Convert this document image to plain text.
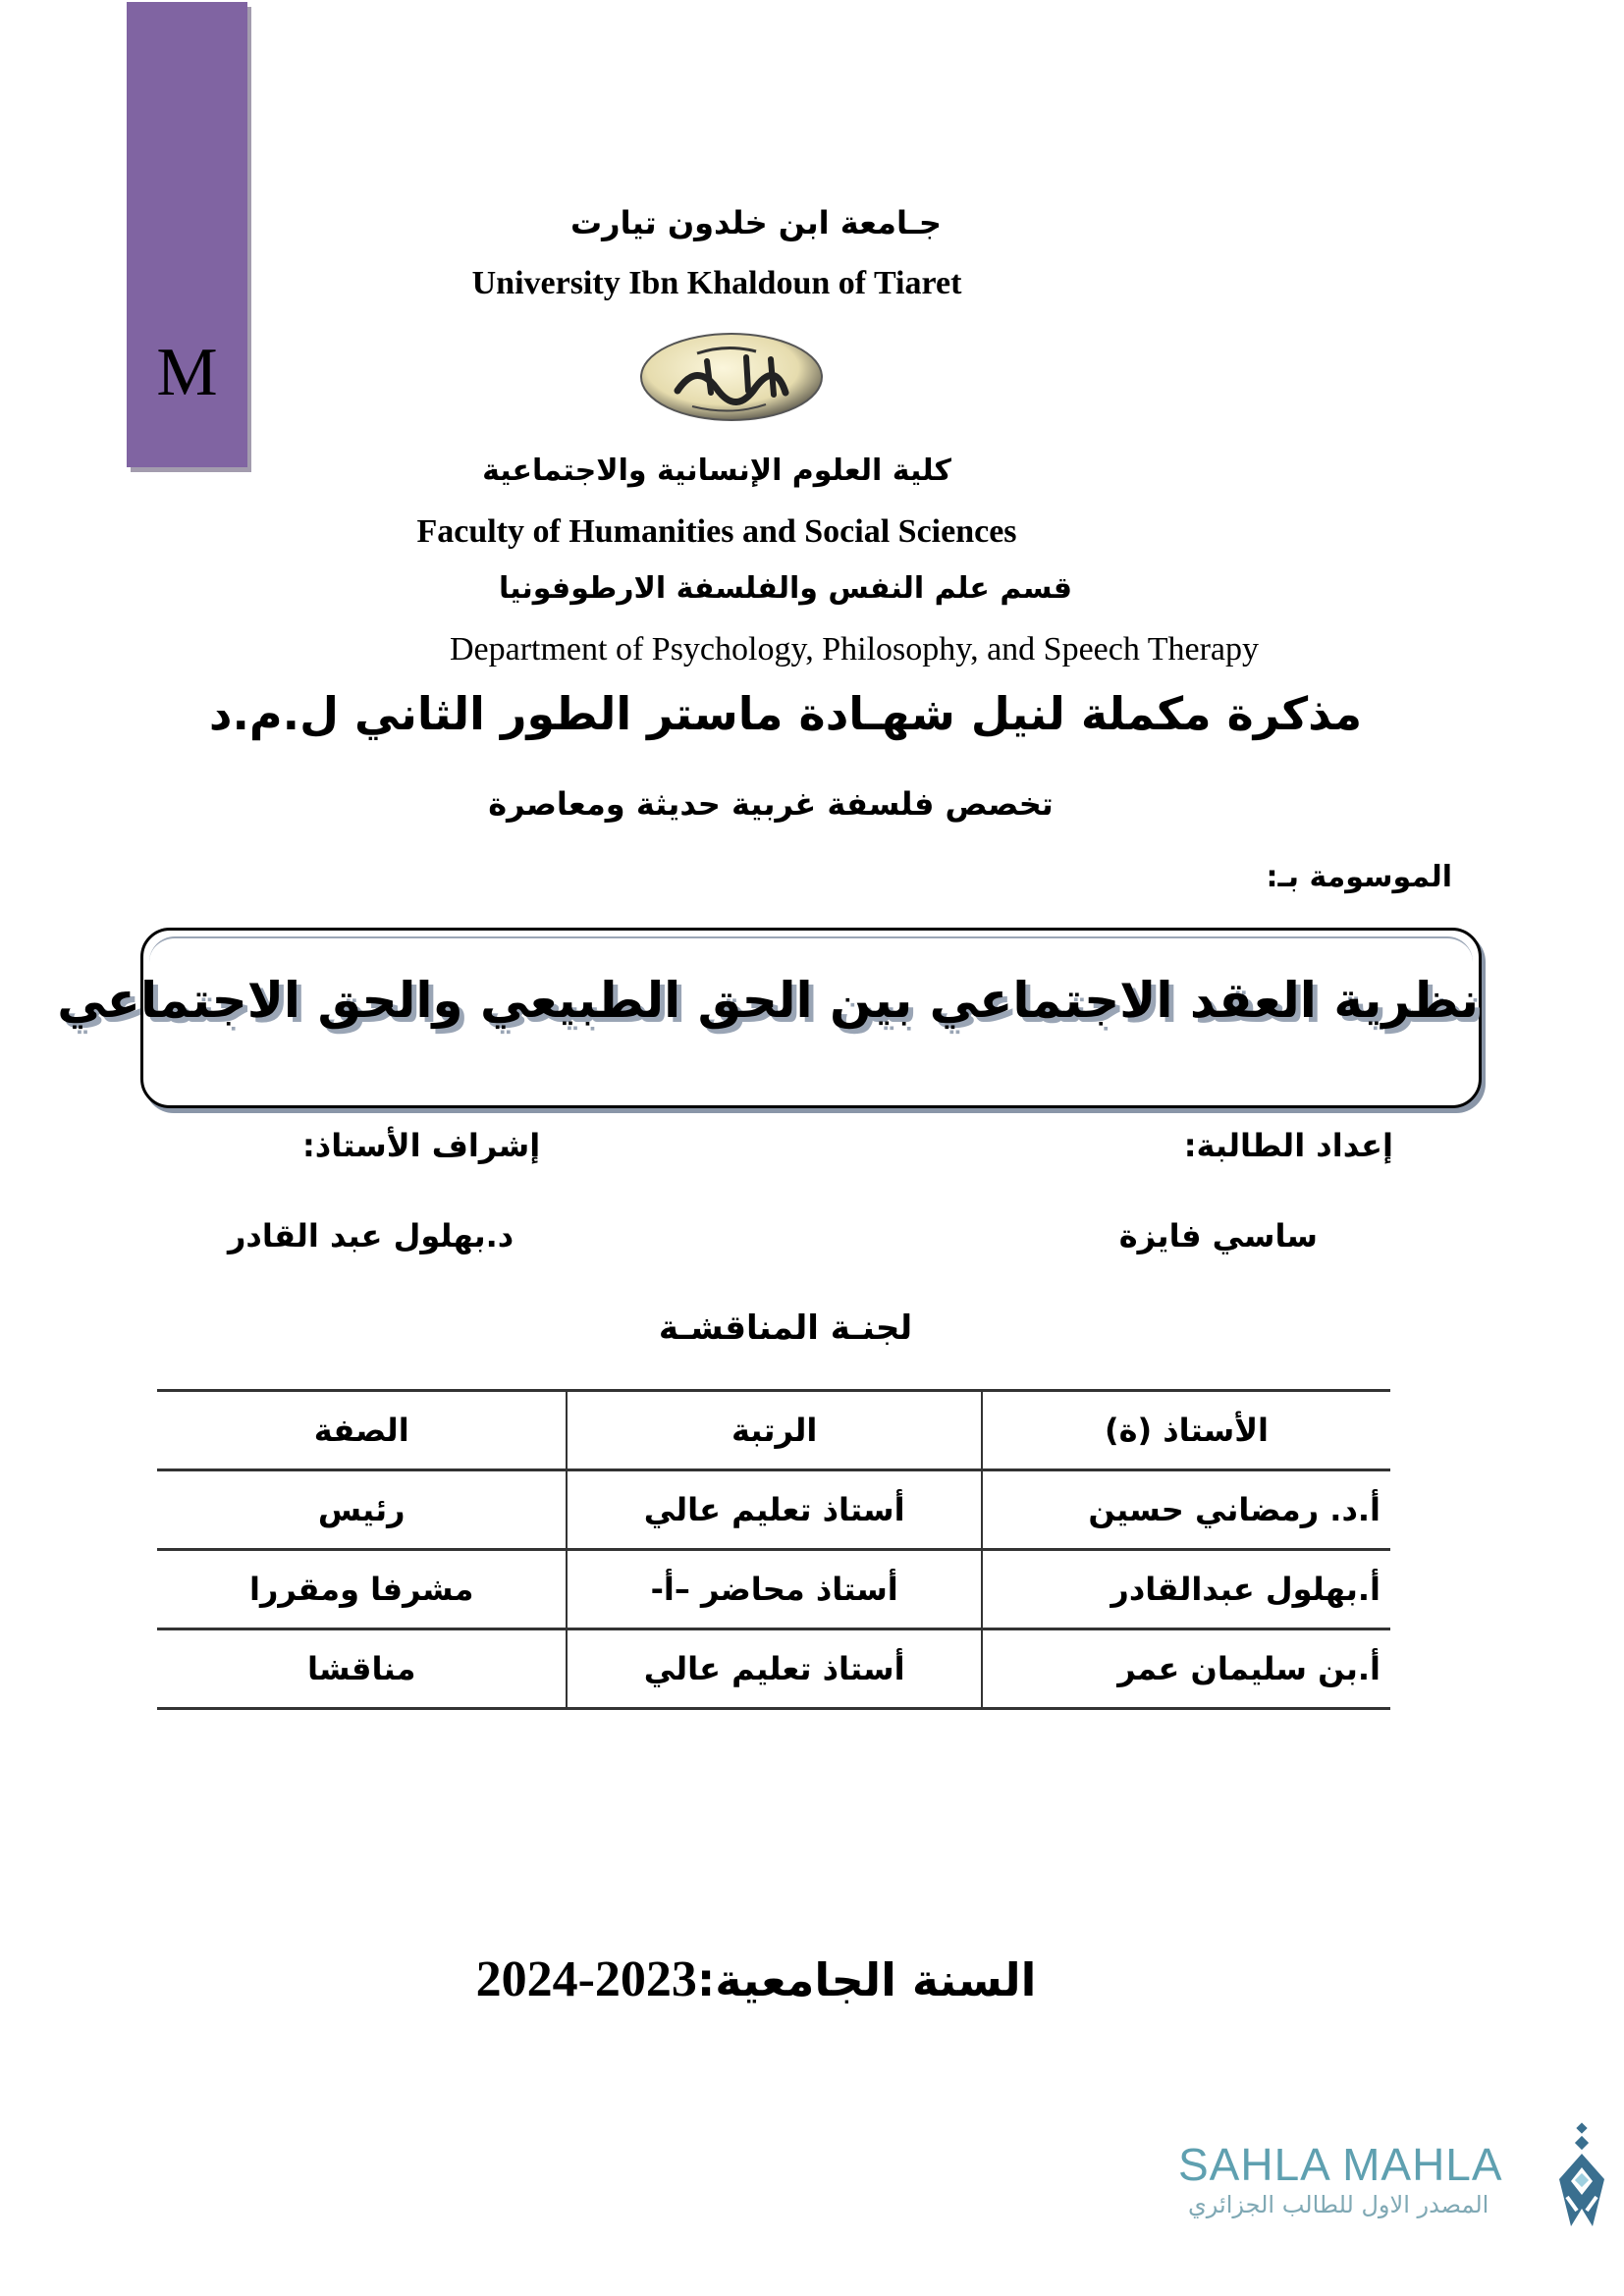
M
جـامعة ابن خلدون تيارت
University Ibn Khaldoun of Tiaret
كلية العلوم الإنسانية والاجتماعية
Faculty of Humanities and Social Sciences
قسم علم النفس والفلسفة الارطوفونيا
Department of Psychology, Philosophy, and Speech Therapy
مذكرة مكملة لنيل شهـادة ماستر الطور الثاني ل.م.د
تخصص فلسفة غربية حديثة ومعاصرة
الموسومة بـ:
نظرية العقد الاجتماعي بين الحق الطبيعي والحق الاجتماعي
إعداد الطالبة:
إشراف الأستاذ:
ساسي فايزة
د.بهلول عبد القادر
لجنـة المناقشـة
الأستاذ (ة)	الرتبة	الصفة
أ.د. رمضاني حسين	أستاذ تعليم عالي	رئيس
أ.بهلول عبدالقادر	أستاذ محاضر –أ-	مشرفا ومقررا
أ.بن سليمان عمر	أستاذ تعليم عالي	مناقشا
السنة الجامعية:2024-2023
SAHLA MAHLA
المصدر الاول للطالب الجزائري
